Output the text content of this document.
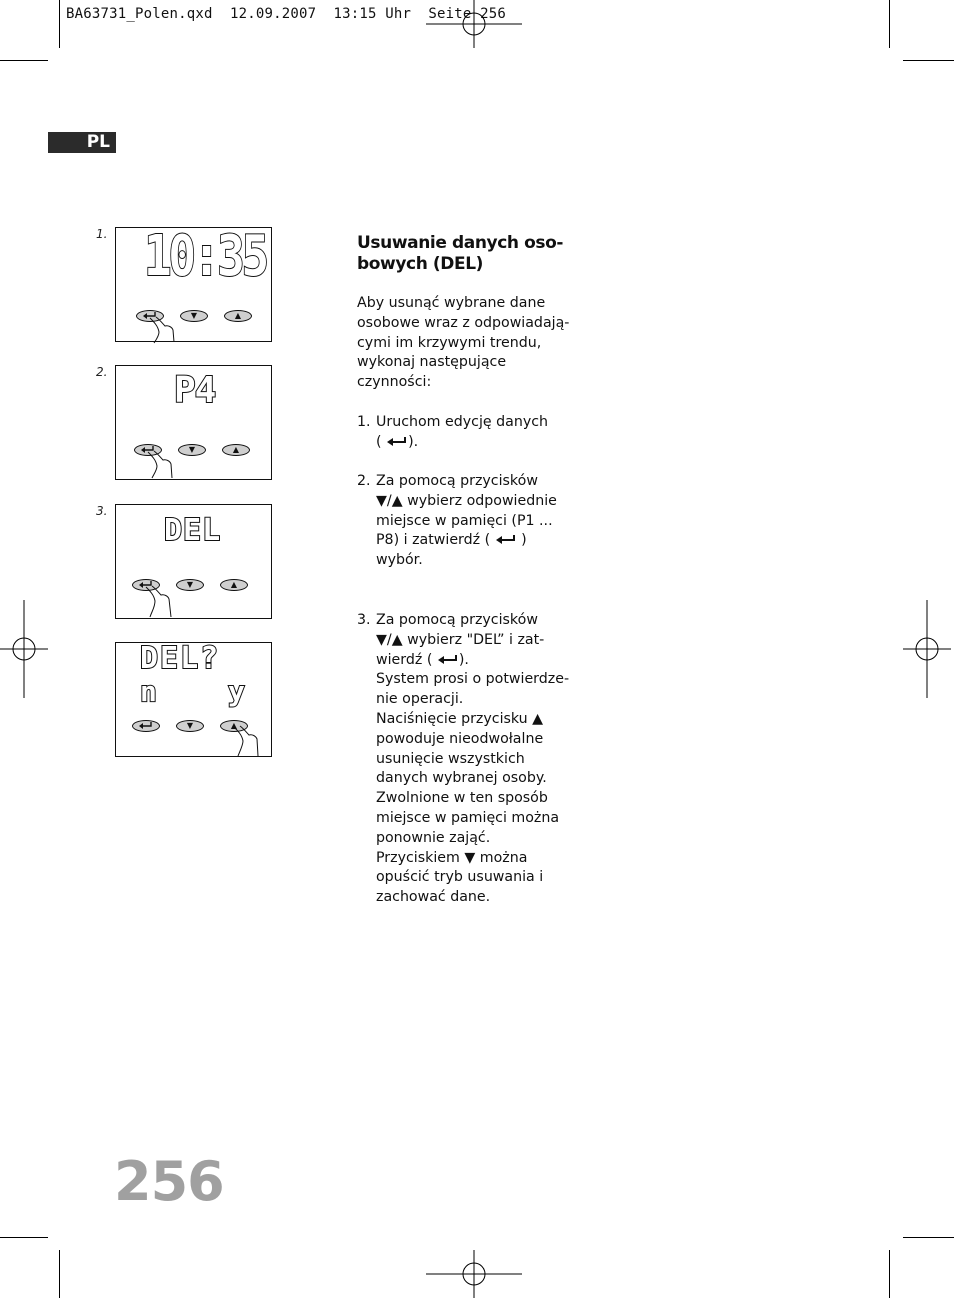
BA63731_Polen.qxd  12.09.2007  13:15 Uhr  Seite 256
PL
1.
2.
3.
10:35
▼	▲
P4
▼	▲
DEL
▼	▲
DEL?
n	y
▼	▲
Usuwanie danych oso-
bowych (DEL)
Aby usunąć wybrane dane
osobowe wraz z odpowiadają-
cymi im krzywymi trendu,
wykonaj następujące
czynności:
1. Uruchom edycję danych
( ).
2. Za pomocą przycisków
▼/▲ wybierz odpowiednie
miejsce w pamięci (P1 ...
P8) i zatwierdź ( )
wybór.
3. Za pomocą przycisków
▼/▲ wybierz "DEL” i zat-
wierdź ( ).
System prosi o potwierdze-
nie operacji.
Naciśnięcie przycisku ▲
powoduje nieodwołalne
usunięcie wszystkich
danych wybranej osoby.
Zwolnione w ten sposób
miejsce w pamięci można
ponownie zająć.
Przyciskiem ▼ można
opuścić tryb usuwania i
zachować dane.
256
